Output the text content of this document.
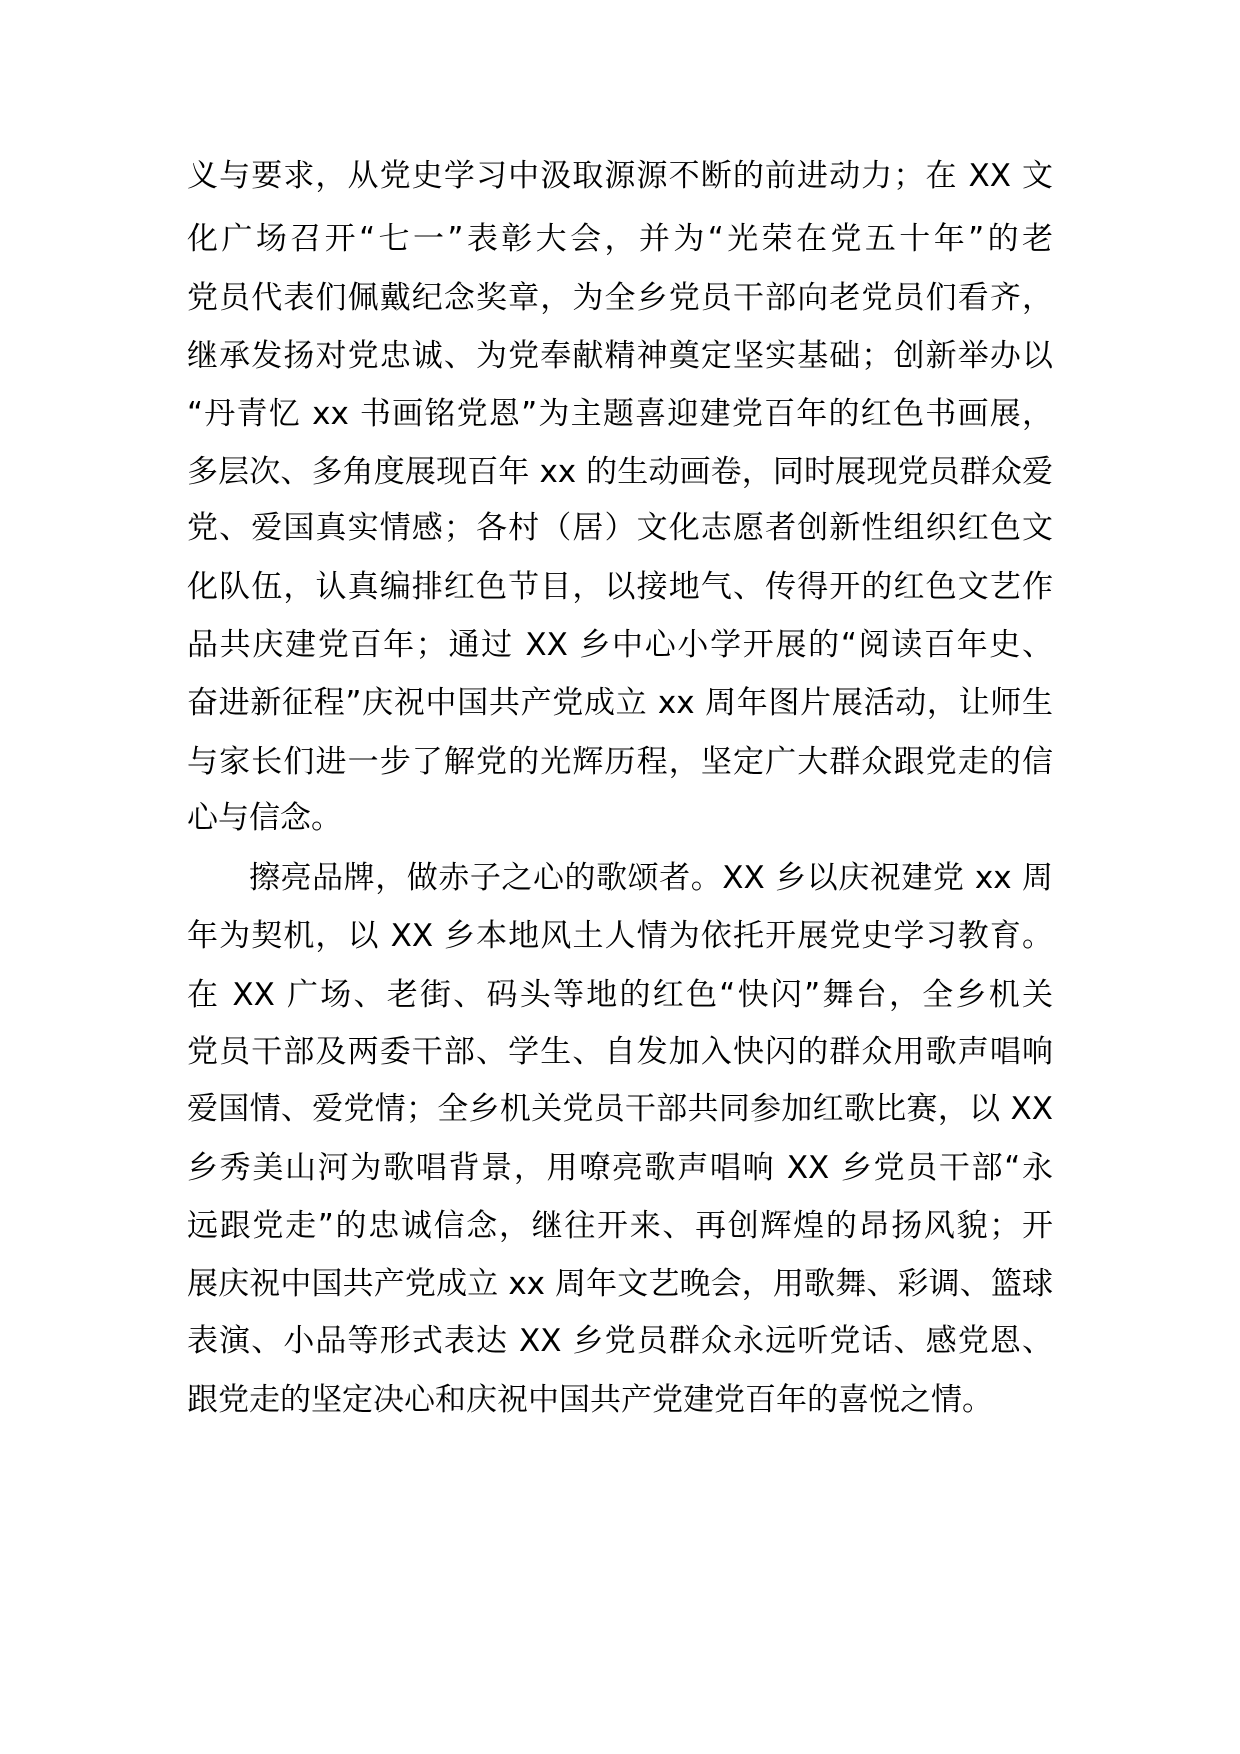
义与要求，从党史学习中汲取源源不断的前进动力；在 XX 文
化广场召开“七一”表彰大会，并为“光荣在党五十年”的老
党员代表们佩戴纪念奖章，为全乡党员干部向老党员们看齐，
继承发扬对党忠诚、为党奉献精神奠定坚实基础；创新举办以
“丹青忆 xx 书画铭党恩”为主题喜迎建党百年的红色书画展，
多层次、多角度展现百年 xx 的生动画卷，同时展现党员群众爱
党、爱国真实情感；各村（居）文化志愿者创新性组织红色文
化队伍，认真编排红色节目，以接地气、传得开的红色文艺作
品共庆建党百年；通过 XX 乡中心小学开展的“阅读百年史、
奋进新征程”庆祝中国共产党成立 xx 周年图片展活动，让师生
与家长们进一步了解党的光辉历程，坚定广大群众跟党走的信
心与信念。
擦亮品牌，做赤子之心的歌颂者。XX 乡以庆祝建党 xx 周
年为契机，以 XX 乡本地风土人情为依托开展党史学习教育。
在 XX 广场、老街、码头等地的红色“快闪”舞台，全乡机关
党员干部及两委干部、学生、自发加入快闪的群众用歌声唱响
爱国情、爱党情；全乡机关党员干部共同参加红歌比赛，以 XX
乡秀美山河为歌唱背景，用嘹亮歌声唱响 XX 乡党员干部“永
远跟党走”的忠诚信念，继往开来、再创辉煌的昂扬风貌；开
展庆祝中国共产党成立 xx 周年文艺晚会，用歌舞、彩调、篮球
表演、小品等形式表达 XX 乡党员群众永远听党话、感党恩、
跟党走的坚定决心和庆祝中国共产党建党百年的喜悦之情。
